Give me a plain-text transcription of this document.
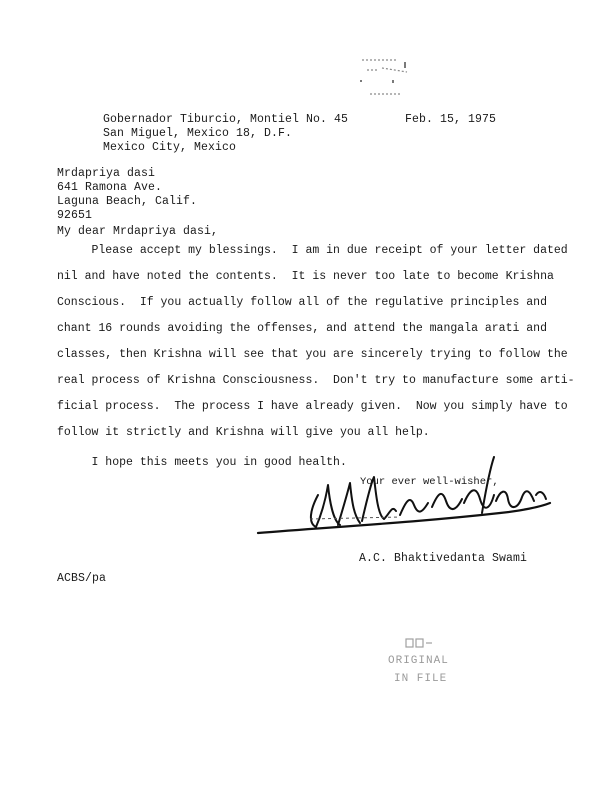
Gobernador Tiburcio, Montiel No. 45
San Miguel, Mexico 18, D.F.
Mexico City, Mexico
Feb. 15, 1975
Mrdapriya dasi
641 Ramona Ave.
Laguna Beach, Calif.
92651
My dear Mrdapriya dasi,
Please accept my blessings.  I am in due receipt of your letter dated
nil and have noted the contents.  It is never too late to become Krishna
Conscious.  If you actually follow all of the regulative principles and
chant 16 rounds avoiding the offenses, and attend the mangala arati and
classes, then Krishna will see that you are sincerely trying to follow the
real process of Krishna Consciousness.  Don't try to manufacture some arti-
ficial process.  The process I have already given.  Now you simply have to
follow it strictly and Krishna will give you all help.
I hope this meets you in good health.
Your ever well-wisher,
A.C. Bhaktivedanta Swami
ACBS/pa
ORIGINAL
IN FILE
